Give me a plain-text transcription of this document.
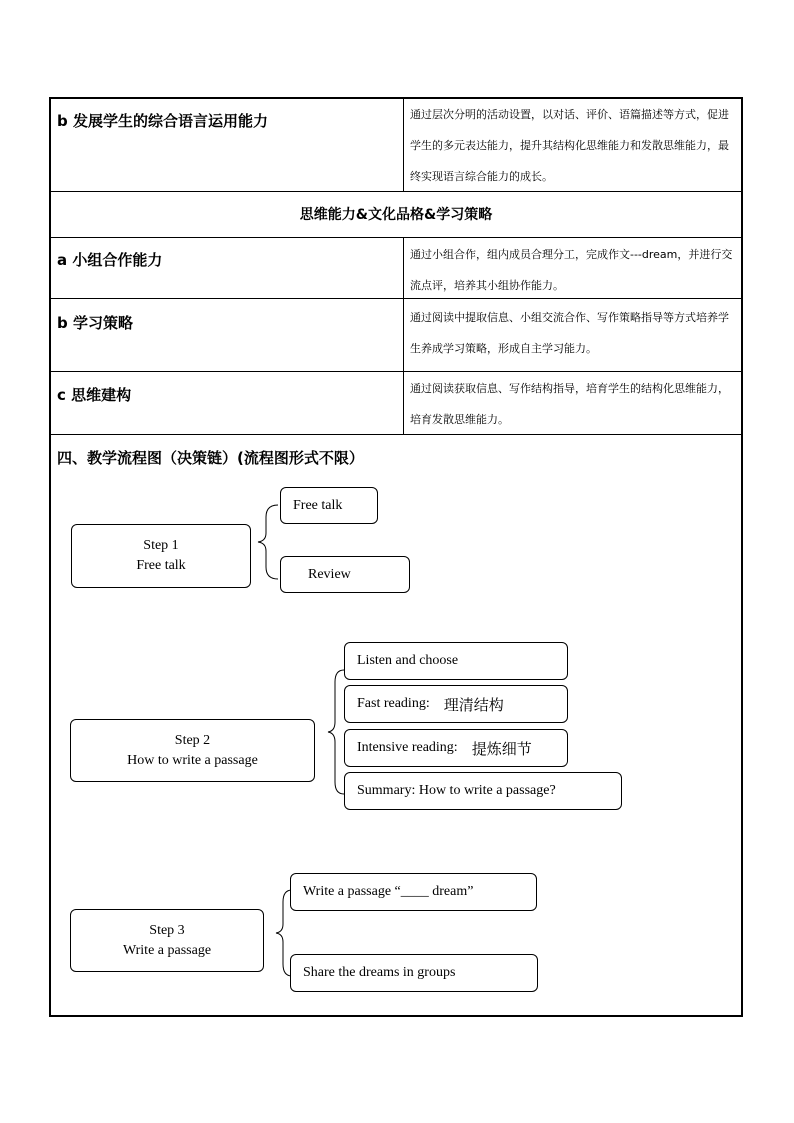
b 发展学生的综合语言运用能力	通过层次分明的活动设置，以对话、评价、语篇描述等方式，促进学生的多元表达能力，提升其结构化思维能力和发散思维能力，最终实现语言综合能力的成长。
思维能力&文化品格&学习策略
a 小组合作能力	通过小组合作，组内成员合理分工，完成作文---dream，并进行交流点评，培养其小组协作能力。
b 学习策略	通过阅读中提取信息、小组交流合作、写作策略指导等方式培养学生养成学习策略，形成自主学习能力。
c 思维建构	通过阅读获取信息、写作结构指导，培育学生的结构化思维能力，培育发散思维能力。
四、教学流程图（决策链）(流程图形式不限）
Step 1
Free talk
Free talk
Review
Step 2
How to write a passage
Listen and choose
Fast reading: 理清结构
Intensive reading: 提炼细节
Summary: How to write a passage?
Step 3
Write a passage
Write a passage “____ dream”
Share the dreams in groups
